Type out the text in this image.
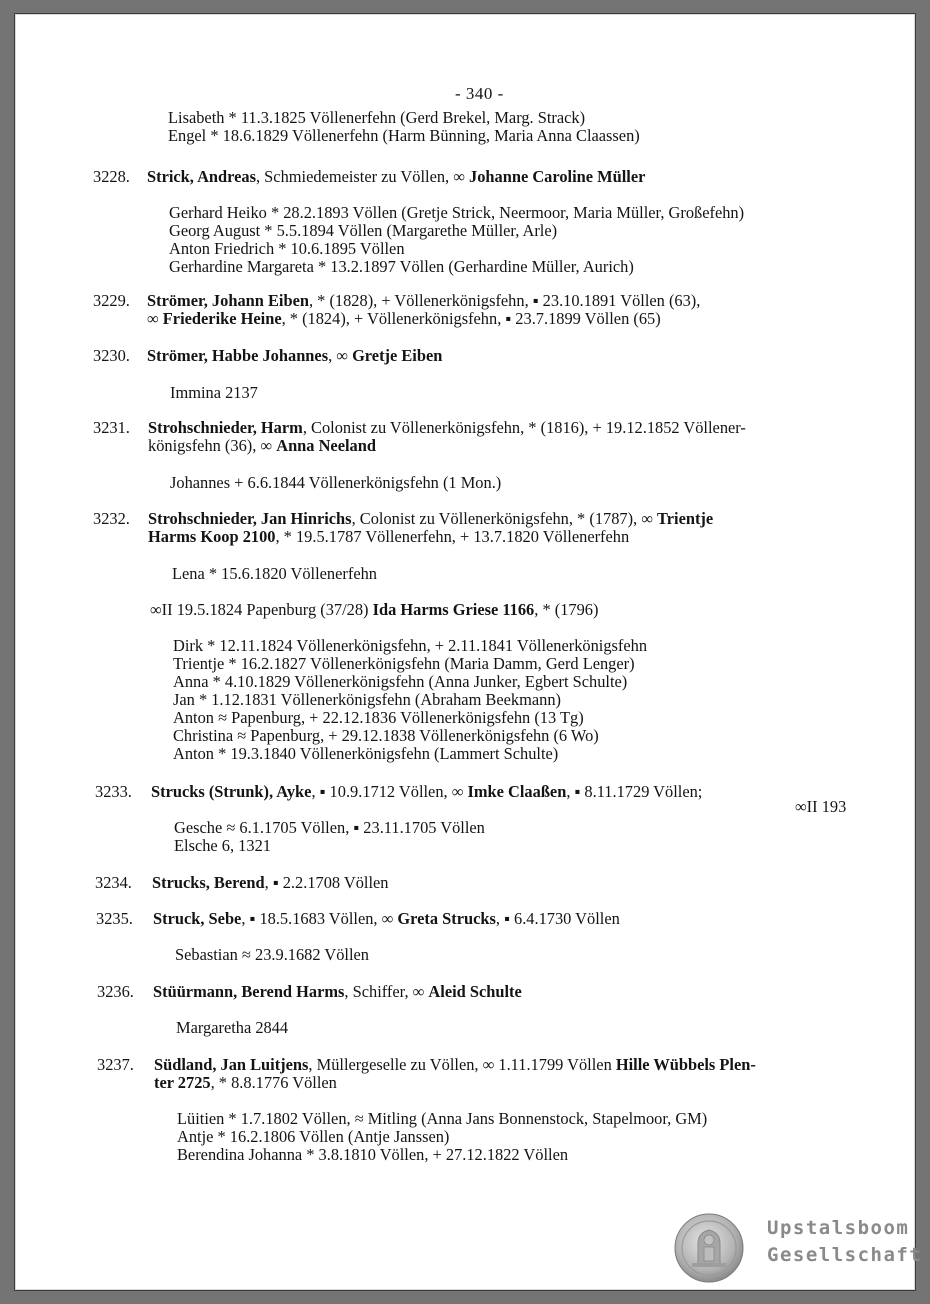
- 340 -
3228.
3229.
3230.
3231.
3232.
3233.
3234.
3235.
3236.
3237.
Lisabeth * 11.3.1825 Völlenerfehn (Gerd Brekel, Marg. Strack)
Engel * 18.6.1829 Völlenerfehn (Harm Bünning, Maria Anna Claassen)
Strick, Andreas, Schmiedemeister zu Völlen, ∞ Johanne Caroline Müller
Gerhard Heiko * 28.2.1893 Völlen (Gretje Strick, Neermoor, Maria Müller, Großefehn)
Georg August * 5.5.1894 Völlen (Margarethe Müller, Arle)
Anton Friedrich * 10.6.1895 Völlen
Gerhardine Margareta * 13.2.1897 Völlen (Gerhardine Müller, Aurich)
Strömer, Johann Eiben, * (1828), + Völlenerkönigsfehn, ▪ 23.10.1891 Völlen (63),
∞ Friederike Heine, * (1824), + Völlenerkönigsfehn, ▪ 23.7.1899 Völlen (65)
Strömer, Habbe Johannes, ∞ Gretje Eiben
Immina 2137
Strohschnieder, Harm, Colonist zu Völlenerkönigsfehn, * (1816), + 19.12.1852 Völlener-
königsfehn (36), ∞ Anna Neeland
Johannes + 6.6.1844 Völlenerkönigsfehn (1 Mon.)
Strohschnieder, Jan Hinrichs, Colonist zu Völlenerkönigsfehn, * (1787), ∞ Trientje
Harms Koop 2100, * 19.5.1787 Völlenerfehn, + 13.7.1820 Völlenerfehn
Lena * 15.6.1820 Völlenerfehn
∞II 19.5.1824 Papenburg (37/28) Ida Harms Griese 1166, * (1796)
Dirk * 12.11.1824 Völlenerkönigsfehn, + 2.11.1841 Völlenerkönigsfehn
Trientje * 16.2.1827 Völlenerkönigsfehn (Maria Damm, Gerd Lenger)
Anna * 4.10.1829 Völlenerkönigsfehn (Anna Junker, Egbert Schulte)
Jan * 1.12.1831 Völlenerkönigsfehn (Abraham Beekmann)
Anton ≈ Papenburg, + 22.12.1836 Völlenerkönigsfehn (13 Tg)
Christina ≈ Papenburg, + 29.12.1838 Völlenerkönigsfehn (6 Wo)
Anton * 19.3.1840 Völlenerkönigsfehn (Lammert Schulte)
Strucks (Strunk), Ayke, ▪ 10.9.1712 Völlen, ∞ Imke Claaßen, ▪ 8.11.1729 Völlen;
∞II 193
Gesche ≈ 6.1.1705 Völlen, ▪ 23.11.1705 Völlen
Elsche 6, 1321
Strucks, Berend, ▪ 2.2.1708 Völlen
Struck, Sebe, ▪ 18.5.1683 Völlen, ∞ Greta Strucks, ▪ 6.4.1730 Völlen
Sebastian ≈ 23.9.1682 Völlen
Stüürmann, Berend Harms, Schiffer, ∞ Aleid Schulte
Margaretha 2844
Südland, Jan Luitjens, Müllergeselle zu Völlen, ∞ 1.11.1799 Völlen Hille Wübbels Plen-
ter 2725, * 8.8.1776 Völlen
Lüitien * 1.7.1802 Völlen, ≈ Mitling (Anna Jans Bonnenstock, Stapelmoor, GM)
Antje * 16.2.1806 Völlen (Antje Janssen)
Berendina Johanna * 3.8.1810 Völlen, + 27.12.1822 Völlen
Upstalsboom
Gesellschaft
